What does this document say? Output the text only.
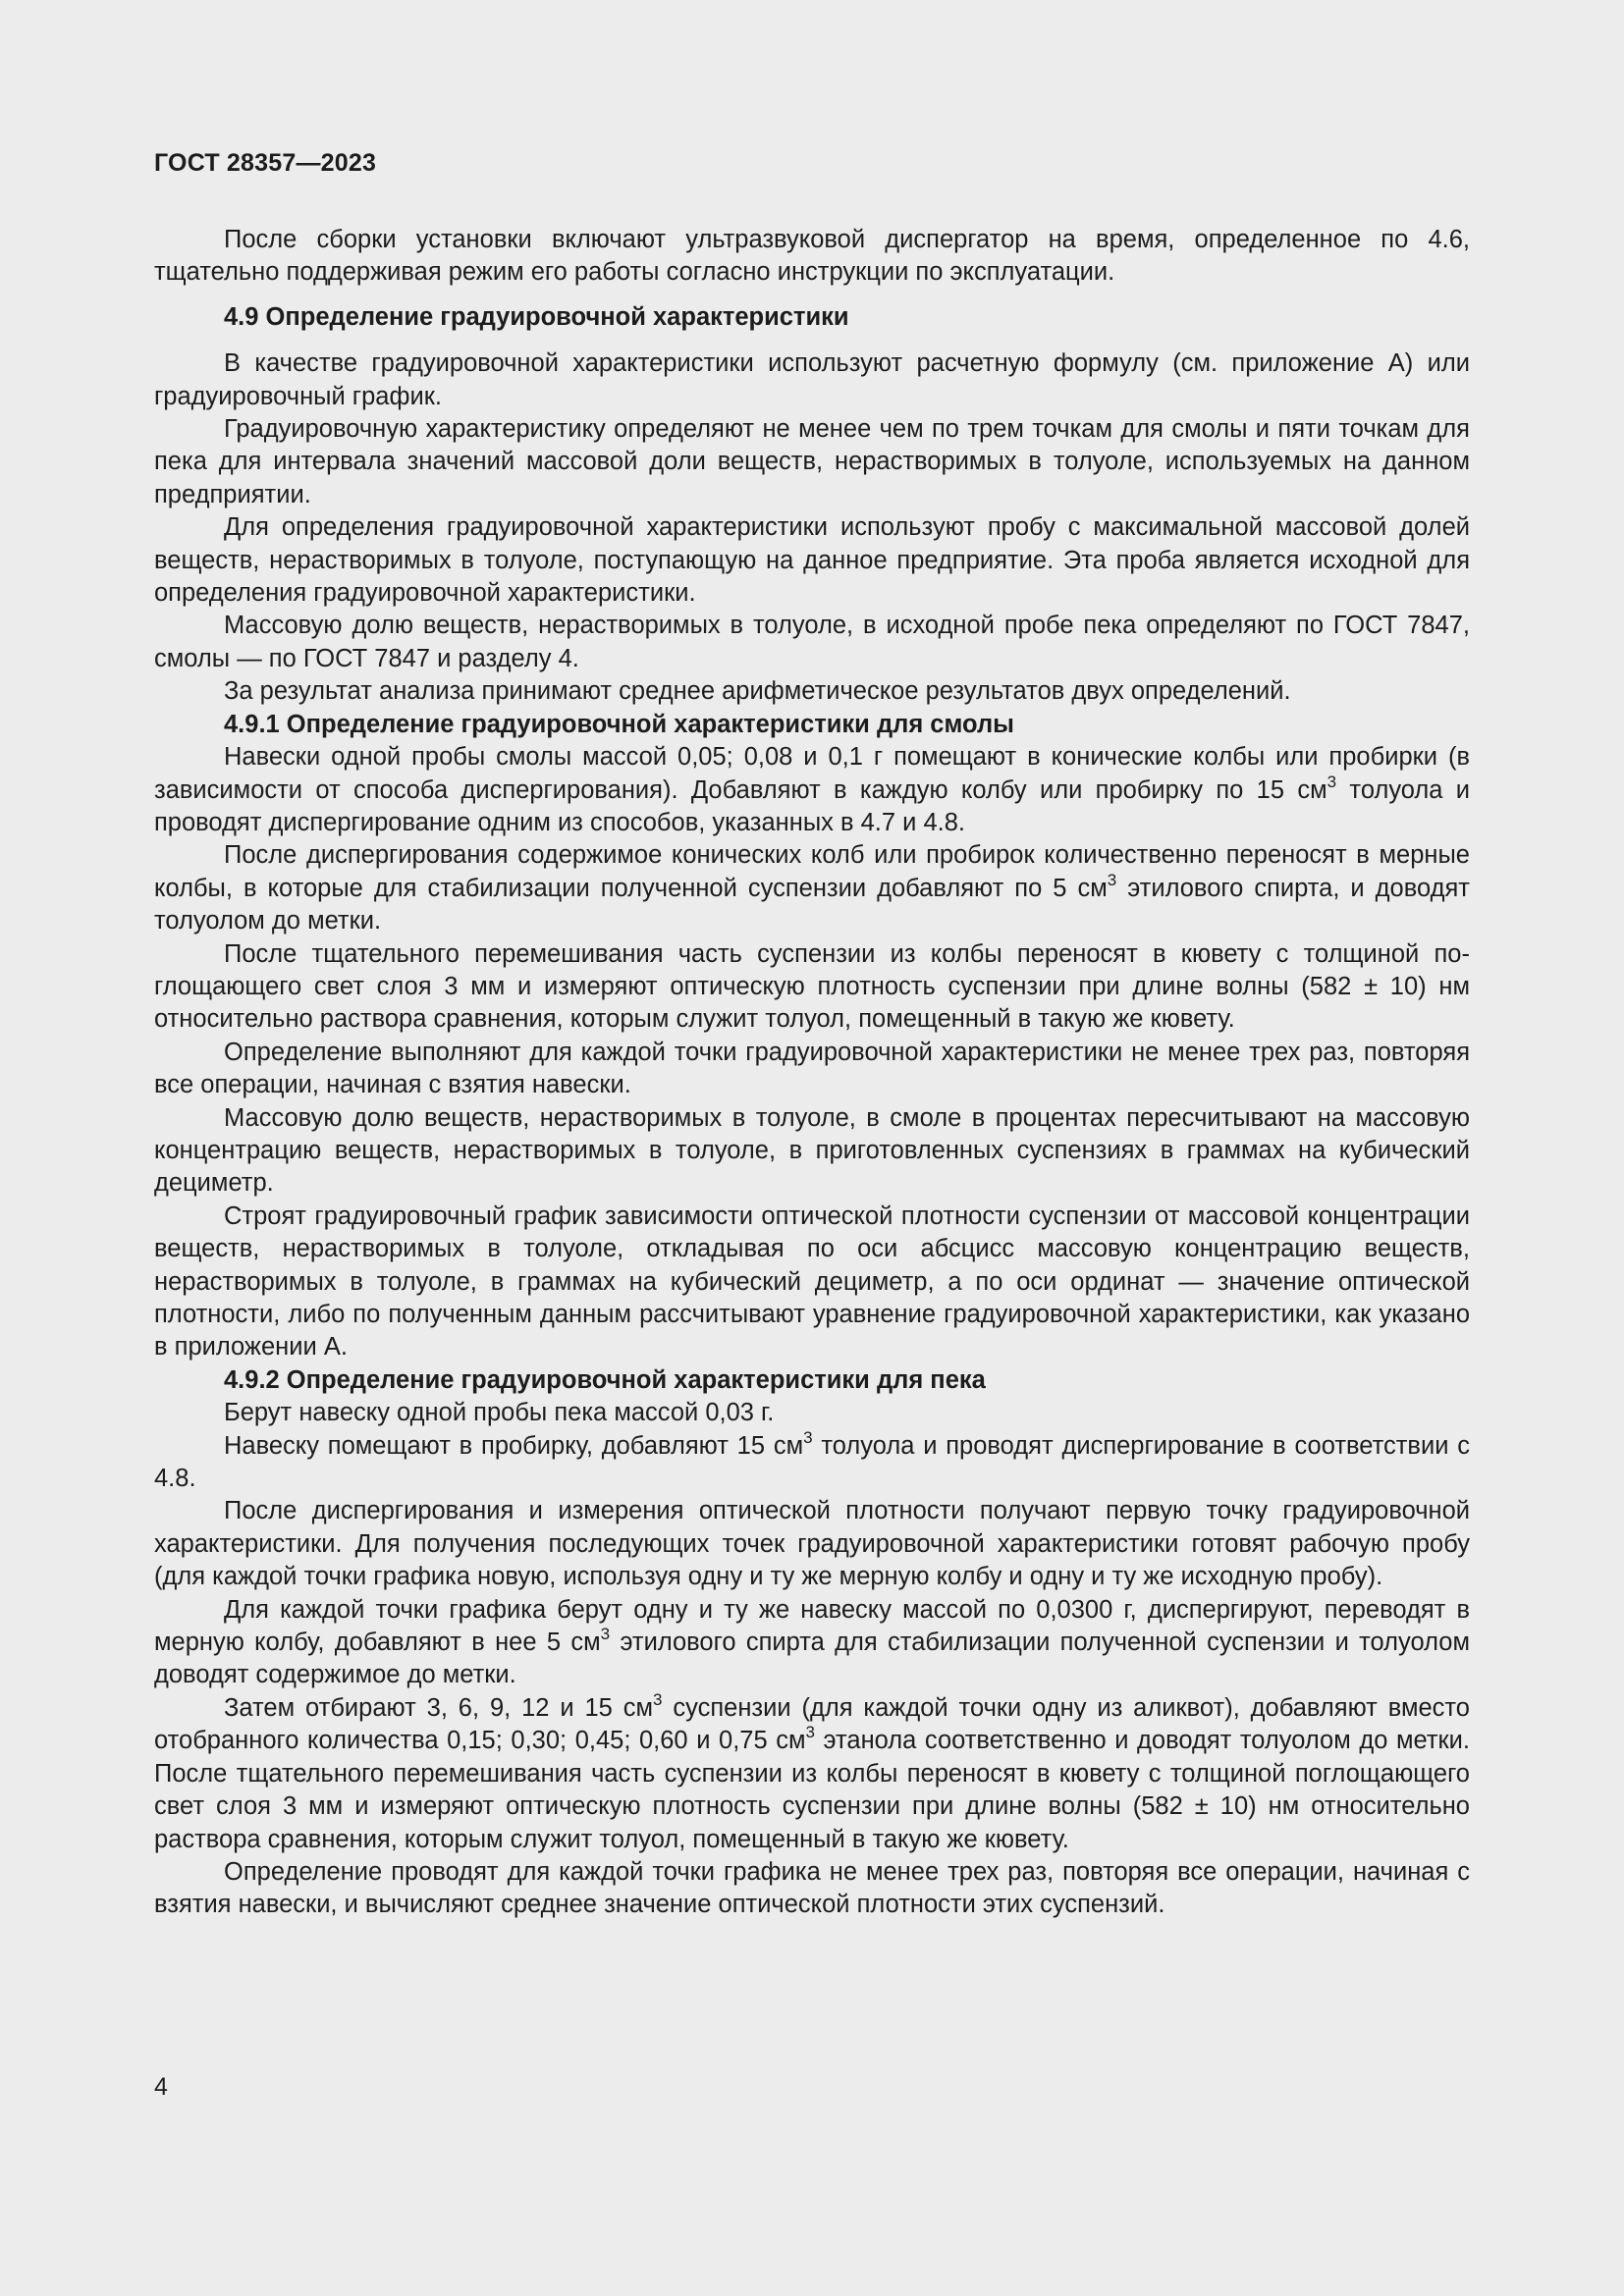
ГОСТ 28357—2023

После сборки установки включают ультразвуковой диспергатор на время, определенное по 4.6, тщательно поддерживая режим его работы согласно инструкции по эксплуатации.

4.9 Определение градуировочной характеристики

В качестве градуировочной характеристики используют расчетную формулу (см. приложение А) или градуировочный график.

Градуировочную характеристику определяют не менее чем по трем точкам для смолы и пяти точкам для пека для интервала значений массовой доли веществ, нерастворимых в толуоле, используемых на данном предприятии.

Для определения градуировочной характеристики используют пробу с максимальной массовой долей веществ, нерастворимых в толуоле, поступающую на данное предприятие. Эта проба является исходной для определения градуировочной характеристики.

Массовую долю веществ, нерастворимых в толуоле, в исходной пробе пека определяют по ГОСТ 7847, смолы — по ГОСТ 7847 и разделу 4.

За результат анализа принимают среднее арифметическое результатов двух определений.

4.9.1 Определение градуировочной характеристики для смолы

Навески одной пробы смолы массой 0,05; 0,08 и 0,1 г помещают в конические колбы или пробирки (в зависимости от способа диспергирования). Добавляют в каждую колбу или пробирку по 15 $см^3$ толуола и проводят диспергирование одним из способов, указанных в 4.7 и 4.8.

После диспергирования содержимое конических колб или пробирок количественно переносят в мерные колбы, в которые для стабилизации полученной суспензии добавляют по 5 $см^3$ этилового спирта, и доводят толуолом до метки.

После тщательного перемешивания часть суспензии из колбы переносят в кювету с толщиной поглощающего свет слоя 3 мм и измеряют оптическую плотность суспензии при длине волны (582 ± 10) нм относительно раствора сравнения, которым служит толуол, помещенный в такую же кювету.

Определение выполняют для каждой точки градуировочной характеристики не менее трех раз, повторяя все операции, начиная с взятия навески.

Массовую долю веществ, нерастворимых в толуоле, в смоле в процентах пересчитывают на массовую концентрацию веществ, нерастворимых в толуоле, в приготовленных суспензиях в граммах на кубический дециметр.

Строят градуировочный график зависимости оптической плотности суспензии от массовой концентрации веществ, нерастворимых в толуоле, откладывая по оси абсцисс массовую концентрацию веществ, нерастворимых в толуоле, в граммах на кубический дециметр, а по оси ординат — значение оптической плотности, либо по полученным данным рассчитывают уравнение градуировочной характеристики, как указано в приложении А.

4.9.2 Определение градуировочной характеристики для пека

Берут навеску одной пробы пека массой 0,03 г.

Навеску помещают в пробирку, добавляют 15 $см^3$ толуола и проводят диспергирование в соответствии с 4.8.

После диспергирования и измерения оптической плотности получают первую точку градуировочной характеристики. Для получения последующих точек градуировочной характеристики готовят рабочую пробу (для каждой точки графика новую, используя одну и ту же мерную колбу и одну и ту же исходную пробу).

Для каждой точки графика берут одну и ту же навеску массой по 0,0300 г, диспергируют, переводят в мерную колбу, добавляют в нее 5 $см^3$ этилового спирта для стабилизации полученной суспензии и толуолом доводят содержимое до метки.

Затем отбирают 3, 6, 9, 12 и 15 $см^3$ суспензии (для каждой точки одну из аликвот), добавляют вместо отобранного количества 0,15; 0,30; 0,45; 0,60 и 0,75 $см^3$ этанола соответственно и доводят толуолом до метки. После тщательного перемешивания часть суспензии из колбы переносят в кювету с толщиной поглощающего свет слоя 3 мм и измеряют оптическую плотность суспензии при длине волны (582 ± 10) нм относительно раствора сравнения, которым служит толуол, помещенный в такую же кювету.

Определение проводят для каждой точки графика не менее трех раз, повторяя все операции, начиная с взятия навески, и вычисляют среднее значение оптической плотности этих суспензий.

4
